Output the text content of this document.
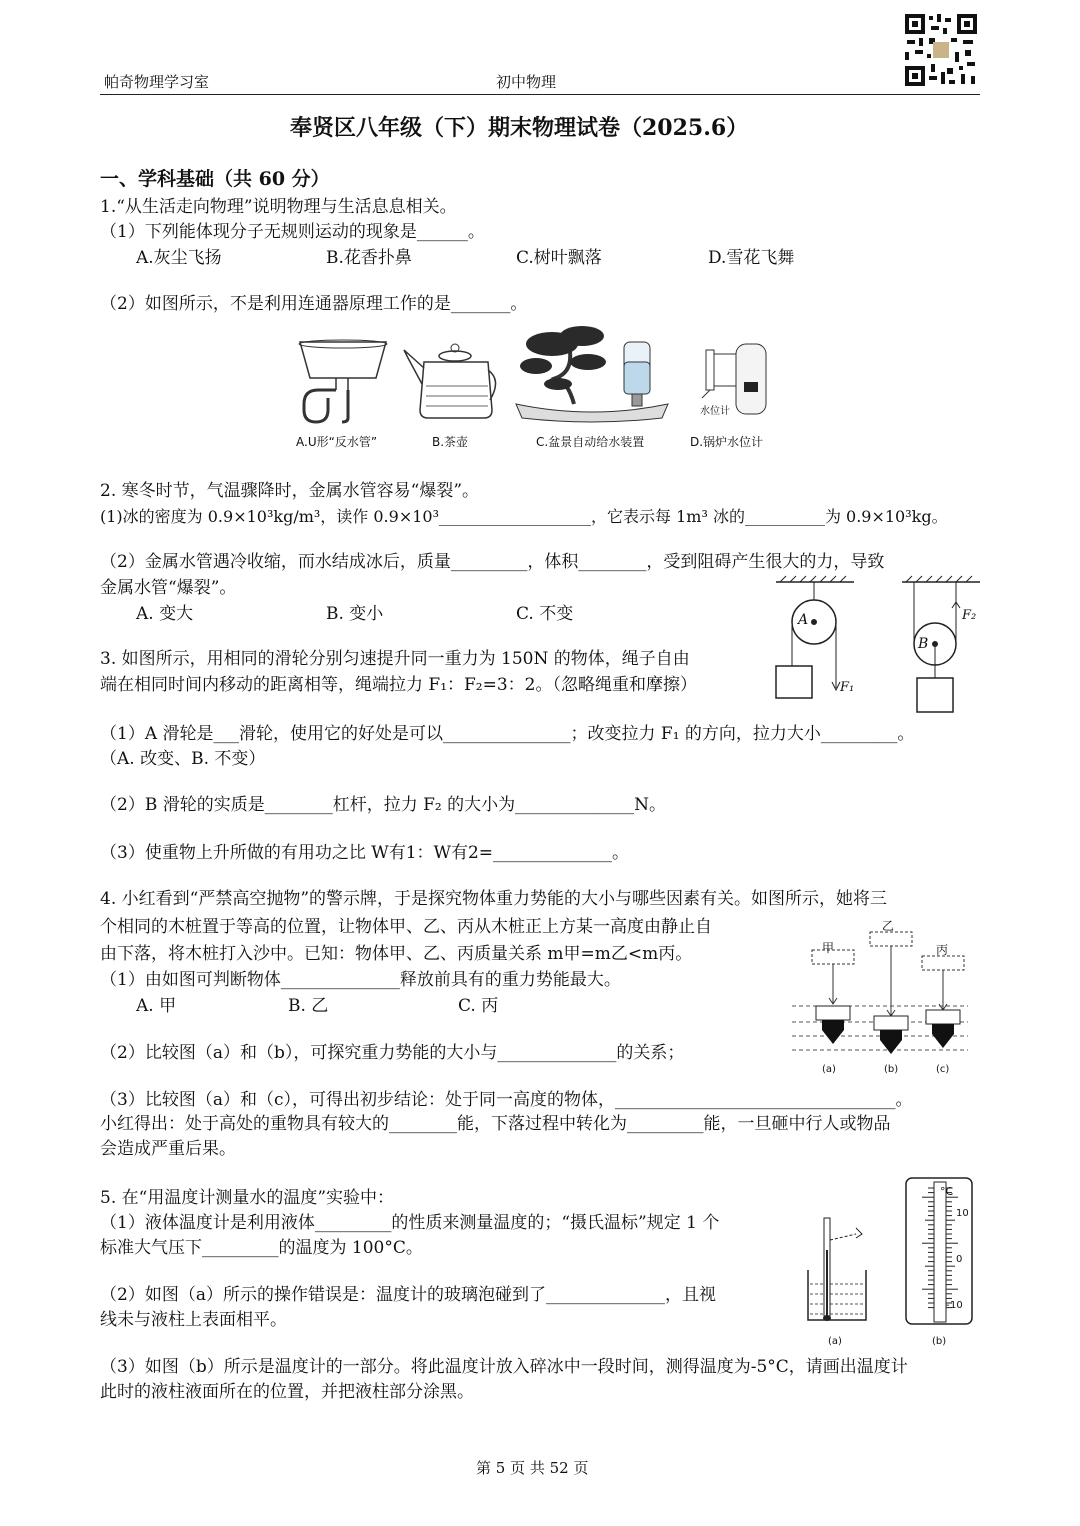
帕奇物理学习室	初中物理
奉贤区八年级（下）期末物理试卷（2025.6）
一、学科基础（共 60 分）
1.“从生活走向物理”说明物理与生活息息相关。
（1）下列能体现分子无规则运动的现象是______。
A.灰尘飞扬	B.花香扑鼻	C.树叶飘落	D.雪花飞舞
（2）如图所示，不是利用连通器原理工作的是_______。
A.U形“反水管”	B.茶壶	C.盆景自动给水装置
水位计
D.锅炉水位计
2. 寒冬时节，气温骤降时，金属水管容易“爆裂”。
(1)冰的密度为 0.9×10³kg/m³，读作 0.9×10³___________________，它表示每 1m³ 冰的__________为 0.9×10³kg。
（2）金属水管遇冷收缩，而水结成冰后，质量_________，体积________，受到阻碍产生很大的力，导致
金属水管“爆裂”。
A. 变大	B. 变小	C. 不变	A
F₁
B
F₂
3. 如图所示，用相同的滑轮分别匀速提升同一重力为 150N 的物体，绳子自由
端在相同时间内移动的距离相等，绳端拉力 F₁：F₂=3：2。（忽略绳重和摩擦）
（1）A 滑轮是___滑轮，使用它的好处是可以_______________；改变拉力 F₁ 的方向，拉力大小_________。
（A. 改变、B. 不变）
（2）B 滑轮的实质是________杠杆，拉力 F₂ 的大小为______________N。
（3）使重物上升所做的有用功之比 W有1：W有2=______________。
4. 小红看到“严禁高空抛物”的警示牌，于是探究物体重力势能的大小与哪些因素有关。如图所示，她将三
个相同的木桩置于等高的位置，让物体甲、乙、丙从木桩正上方某一高度由静止自
由下落，将木桩打入沙中。已知：物体甲、乙、丙质量关系 m甲=m乙<m丙。
（1）由如图可判断物体______________释放前具有的重力势能最大。
A. 甲	B. 乙	C. 丙
（2）比较图（a）和（b），可探究重力势能的大小与______________的关系；
（3）比较图（a）和（c），可得出初步结论：处于同一高度的物体，_________________________________。
小红得出：处于高处的重物具有较大的________能，下落过程中转化为_________能，一旦砸中行人或物品
会造成严重后果。
甲
乙
丙
(a)	(b)	(c)
5. 在“用温度计测量水的温度”实验中：
（1）液体温度计是利用液体_________的性质来测量温度的；“摄氏温标”规定 1 个
标准大气压下_________的温度为 100°C。
（2）如图（a）所示的操作错误是：温度计的玻璃泡碰到了______________，且视
线未与液柱上表面相平。
（3）如图（b）所示是温度计的一部分。将此温度计放入碎冰中一段时间，测得温度为-5°C，请画出温度计
此时的液柱液面所在的位置，并把液柱部分涂黑。
(a)
°C
10
0
10
-
(b)
第 5 页 共 52 页
